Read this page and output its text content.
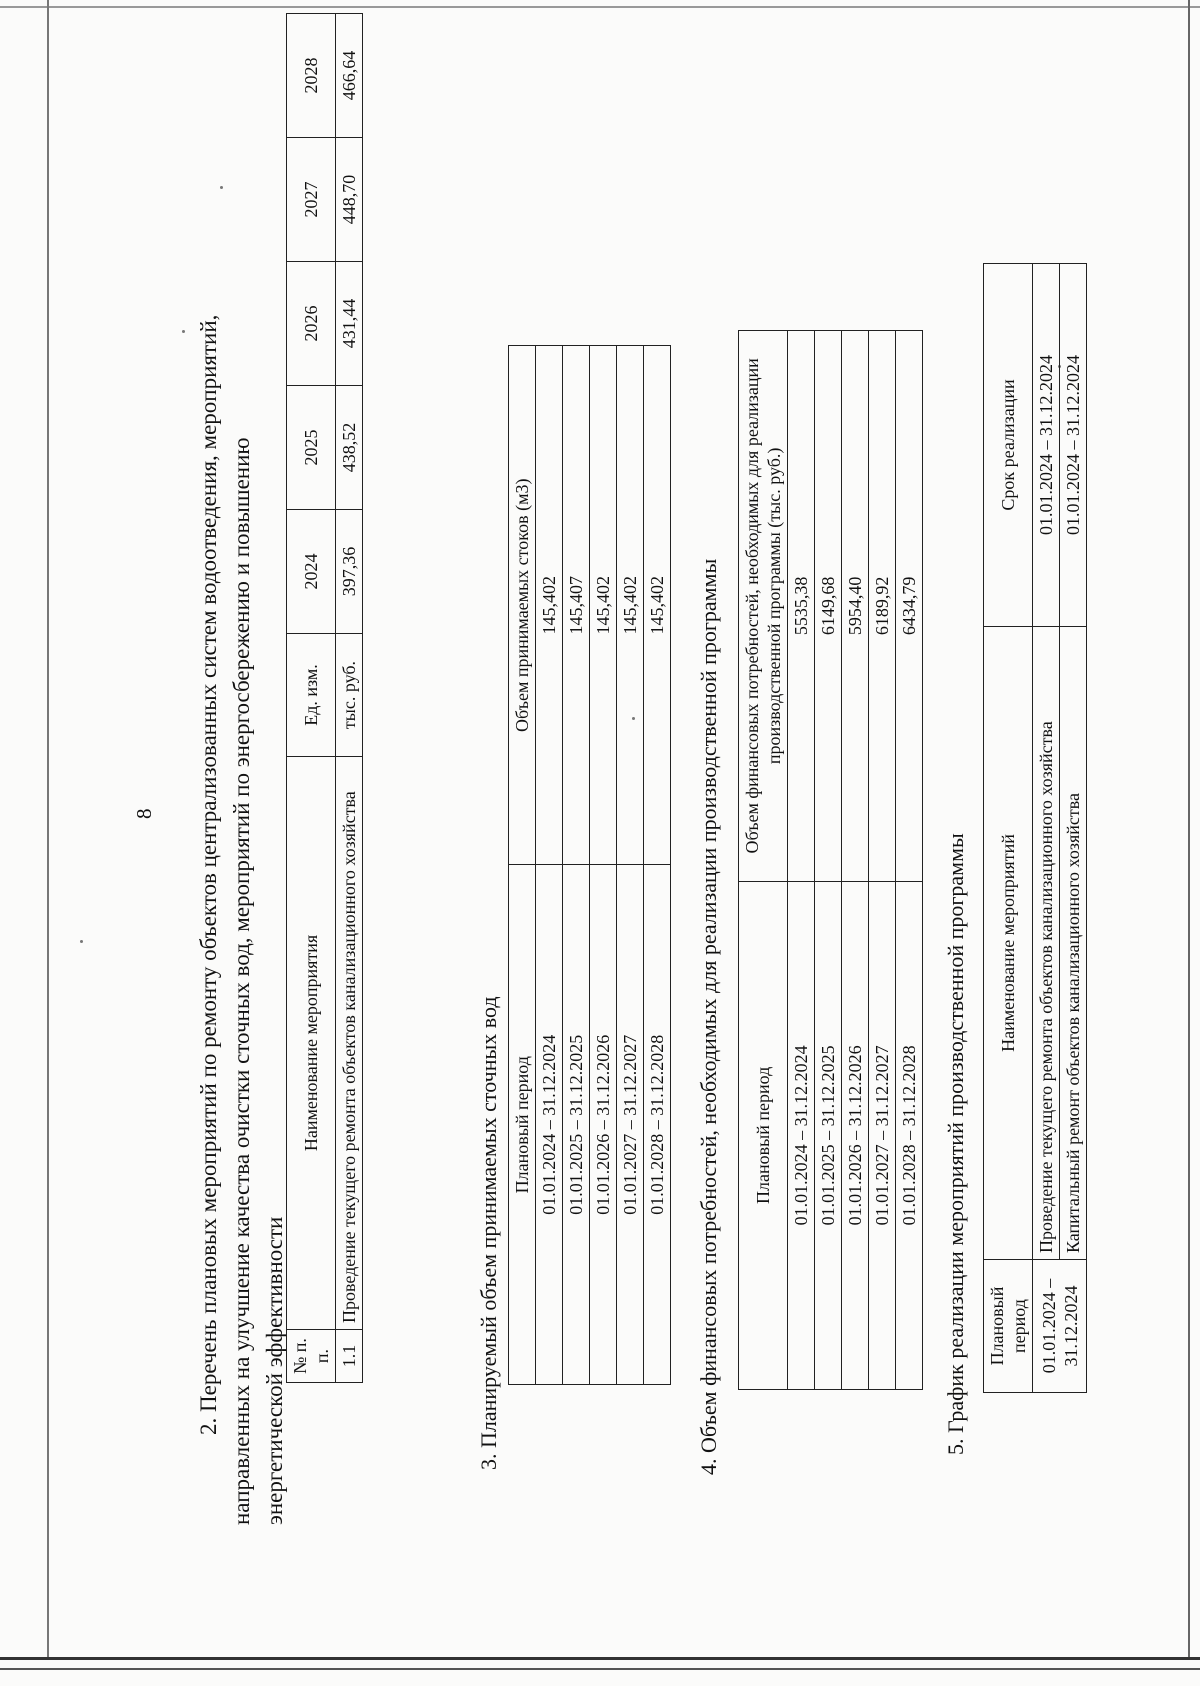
8 2. Перечень плановых мероприятий по ремонту объектов централизованных систем водоотведения, мероприятий, направленных на улучшение качества очистки сточных вод, мероприятий по энергосбережению и повышению энергетической эффективности № п. п.	Наименование мероприятия	Ед. изм.	2024	2025	2026	2027	2028
1.1	Проведение текущего ремонта объектов канализационного хозяйства	тыс. руб.	397,36	438,52	431,44	448,70	466,64
3. Планируемый объем принимаемых сточных вод Плановый период	Объем принимаемых стоков (м3)
01.01.2024 – 31.12.2024	145,402
01.01.2025 – 31.12.2025	145,407
01.01.2026 – 31.12.2026	145,402
01.01.2027 – 31.12.2027	145,402
01.01.2028 – 31.12.2028	145,402 4. Объем финансовых потребностей, необходимых для реализации производственной программы Плановый период	Объем финансовых потребностей, необходимых для реализации производственной программы (тыс. руб.)
01.01.2024 – 31.12.2024	5535,38
01.01.2025 – 31.12.2025	6149,68
01.01.2026 – 31.12.2026	5954,40
01.01.2027 – 31.12.2027	6189,92
01.01.2028 – 31.12.2028	6434,79
5. График реализации мероприятий производственной программы Плановый период	Наименование мероприятий	Срок реализации
01.01.2024 – 31.12.2024	Проведение текущего ремонта объектов канализационного хозяйства	01.01.2024 – 31.12.2024
	Капитальный ремонт объектов канализационного хозяйства	01.01.2024 – 31.12.2024
